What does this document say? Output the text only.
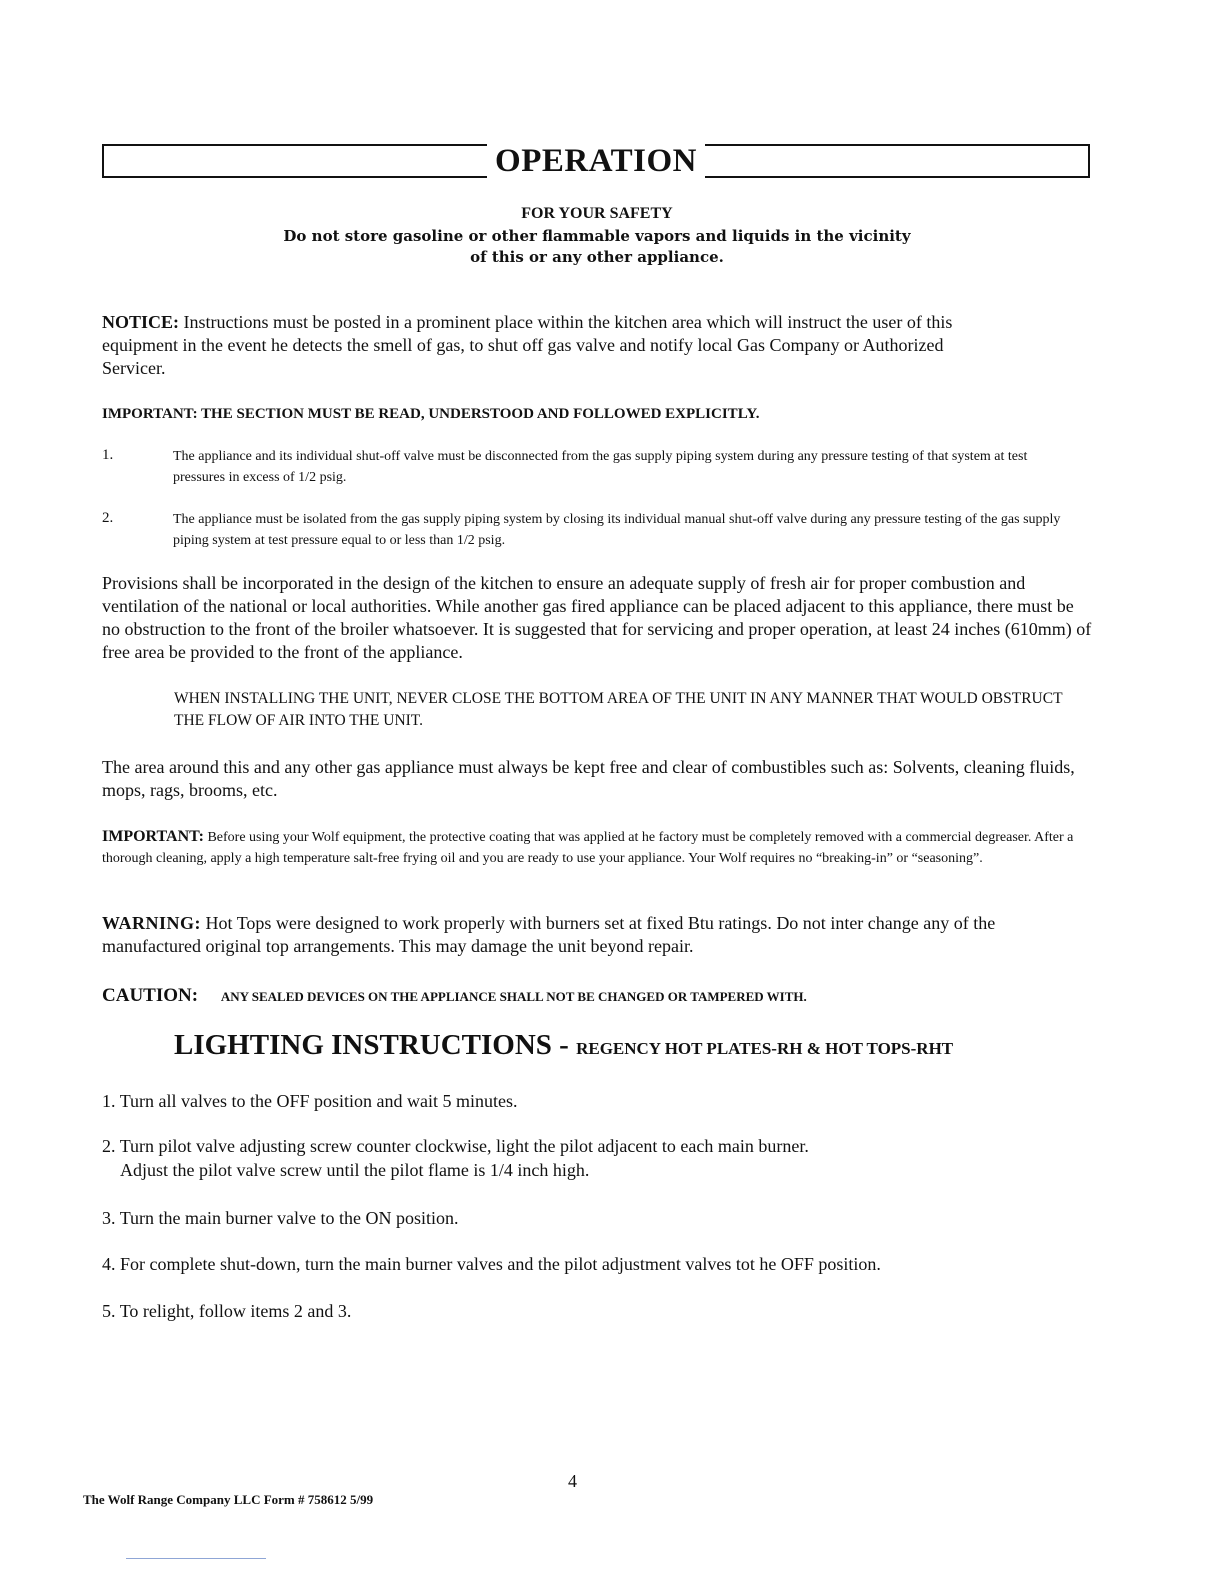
OPERATION
FOR YOUR SAFETY
Do not store gasoline or other flammable vapors and liquids in the vicinity
of this or any other appliance.
NOTICE: Instructions must be posted in a prominent place within the kitchen area which will instruct the user of this equipment in the event he detects the smell of gas, to shut off gas valve and notify local Gas Company or Authorized Servicer.
IMPORTANT: THE SECTION MUST BE READ, UNDERSTOOD AND FOLLOWED EXPLICITLY.
1.	The appliance and its individual shut-off valve must be disconnected from the gas supply piping system during any pressure testing of that system at test pressures in excess of 1/2 psig.
2.	The appliance must be isolated from the gas supply piping system by closing its individual manual shut-off valve during any pressure testing of the gas supply piping system at test pressure equal to or less than 1/2 psig.
Provisions shall be incorporated in the design of the kitchen to ensure an adequate supply of fresh air for proper combustion and ventilation of the national or local authorities. While another gas fired appliance can be placed adjacent to this appliance, there must be no obstruction to the front of the broiler whatsoever. It is suggested that for servicing and proper operation, at least 24 inches (610mm) of free area be provided to the front of the appliance.
WHEN INSTALLING THE UNIT, NEVER CLOSE THE BOTTOM AREA OF THE UNIT IN ANY MANNER THAT WOULD OBSTRUCT THE FLOW OF AIR INTO THE UNIT.
The area around this and any other gas appliance must always be kept free and clear of combustibles such as: Solvents, cleaning fluids, mops, rags, brooms, etc.
IMPORTANT: Before using your Wolf equipment, the protective coating that was applied at he factory must be completely removed with a commercial degreaser. After a thorough cleaning, apply a high temperature salt-free frying oil and you are ready to use your appliance. Your Wolf requires no “breaking-in” or “seasoning”.
WARNING: Hot Tops were designed to work properly with burners set at fixed Btu ratings. Do not inter change any of the manufactured original top arrangements. This may damage the unit beyond repair.
CAUTION: ANY SEALED DEVICES ON THE APPLIANCE SHALL NOT BE CHANGED OR TAMPERED WITH.
LIGHTING INSTRUCTIONS - REGENCY HOT PLATES-RH & HOT TOPS-RHT
1. Turn all valves to the OFF position and wait 5 minutes.
2. Turn pilot valve adjusting screw counter clockwise, light the pilot adjacent to each main burner.
Adjust the pilot valve screw until the pilot flame is 1/4 inch high.
3. Turn the main burner valve to the ON position.
4. For complete shut-down, turn the main burner valves and the pilot adjustment valves tot he OFF position.
5. To relight, follow items 2 and 3.
4
The Wolf Range Company LLC Form # 758612 5/99
